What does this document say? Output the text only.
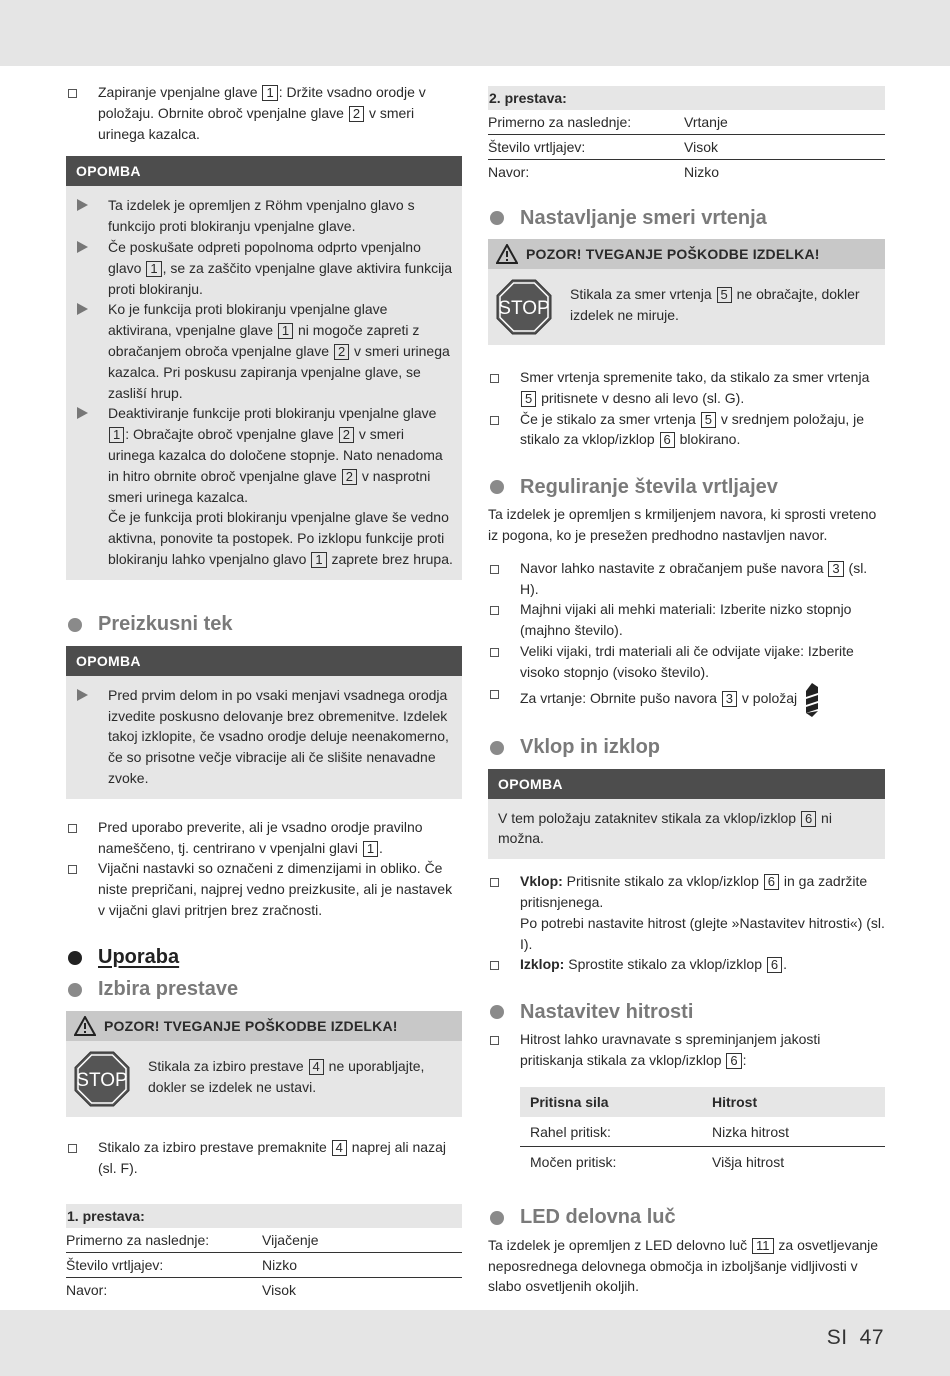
Zapiranje vpenjalne glave 1 : Držite vsadno orodje v položaju. Obrnite obroč vpenjalne glave 2 v smeri urinega kazalca.
OPOMBA
Ta izdelek je opremljen z Röhm vpenjalno glavo s funkcijo proti blokiranju vpenjalne glave.
Če poskušate odpreti popolnoma odprto vpenjalno glavo 1 , se za zaščito vpenjalne glave aktivira funkcija proti blokiranju.
Ko je funkcija proti blokiranju vpenjalne glave aktivirana, vpenjalne glave 1 ni mogoče zapreti z obračanjem obroča vpenjalne glave 2 v smeri urinega kazalca. Pri poskusu zapiranja vpenjalne glave, se zasliší hrup.
Deaktiviranje funkcije proti blokiranju vpenjalne glave 1 : Obračajte obroč vpenjalne glave 2 v smeri urinega kazalca do določene stopnje. Nato nenadoma in hitro obrnite obroč vpenjalne glave 2 v nasprotni smeri urinega kazalca.
Če je funkcija proti blokiranju vpenjalne glave še vedno aktivna, ponovite ta postopek. Po izklopu funkcije proti blokiranju lahko vpenjalno glavo 1 zaprete brez hrupa.
Preizkusni tek
OPOMBA
Pred prvim delom in po vsaki menjavi vsadnega orodja izvedite poskusno delovanje brez obremenitve. Izdelek takoj izklopite, če vsadno orodje deluje neenakomerno, če so prisotne večje vibracije ali če slišite nenavadne zvoke.
Pred uporabo preverite, ali je vsadno orodje pravilno nameščeno, tj. centrirano v vpenjalni glavi 1 .
Vijačni nastavki so označeni z dimenzijami in obliko. Če niste prepričani, najprej vedno preizkusite, ali je nastavek v vijačni glavi pritrjen brez zračnosti.
Uporaba
Izbira prestave
POZOR! TVEGANJE POŠKODBE IZDELKA!
STOP
Stikala za izbiro prestave 4 ne uporabljajte, dokler se izdelek ne ustavi.
Stikalo za izbiro prestave premaknite 4 naprej ali nazaj (sl. F).
1. prestava:
Primerno za naslednje:	Vijačenje
Število vrtljajev:	Nizko
Navor:	Visok
2. prestava:
Primerno za naslednje:	Vrtanje
Število vrtljajev:	Visok
Navor:	Nizko
Nastavljanje smeri vrtenja
POZOR! TVEGANJE POŠKODBE IZDELKA!
STOP
Stikala za smer vrtenja 5 ne obračajte, dokler izdelek ne miruje.
Smer vrtenja spremenite tako, da stikalo za smer vrtenja 5 pritisnete v desno ali levo (sl. G).
Če je stikalo za smer vrtenja 5 v srednjem položaju, je stikalo za vklop/izklop 6 blokirano.
Reguliranje števila vrtljajev
Ta izdelek je opremljen s krmiljenjem navora, ki sprosti vreteno iz pogona, ko je presežen predhodno nastavljen navor.
Navor lahko nastavite z obračanjem puše navora 3 (sl. H).
Majhni vijaki ali mehki materiali: Izberite nizko stopnjo (majhno število).
Veliki vijaki, trdi materiali ali če odvijate vijake: Izberite visoko stopnjo (visoko število).
Za vrtanje: Obrnite pušo navora 3 v položaj
Vklop in izklop
OPOMBA
V tem položaju zataknitev stikala za vklop/izklop 6 ni možna.
Vklop: Pritisnite stikalo za vklop/izklop 6 in ga zadržite pritisnjenega.
Po potrebi nastavite hitrost (glejte »Nastavitev hitrosti«) (sl. I).
Izklop: Sprostite stikalo za vklop/izklop 6 .
Nastavitev hitrosti
Hitrost lahko uravnavate s spreminjanjem jakosti pritiskanja stikala za vklop/izklop 6 :
Pritisna sila	Hitrost
Rahel pritisk:	Nizka hitrost
Močen pritisk:	Višja hitrost
LED delovna luč
Ta izdelek je opremljen z LED delovno luč 11 za osvetljevanje neposrednega delovnega območja in izboljšanje vidljivosti v slabo osvetljenih okoljih.
SI 47
